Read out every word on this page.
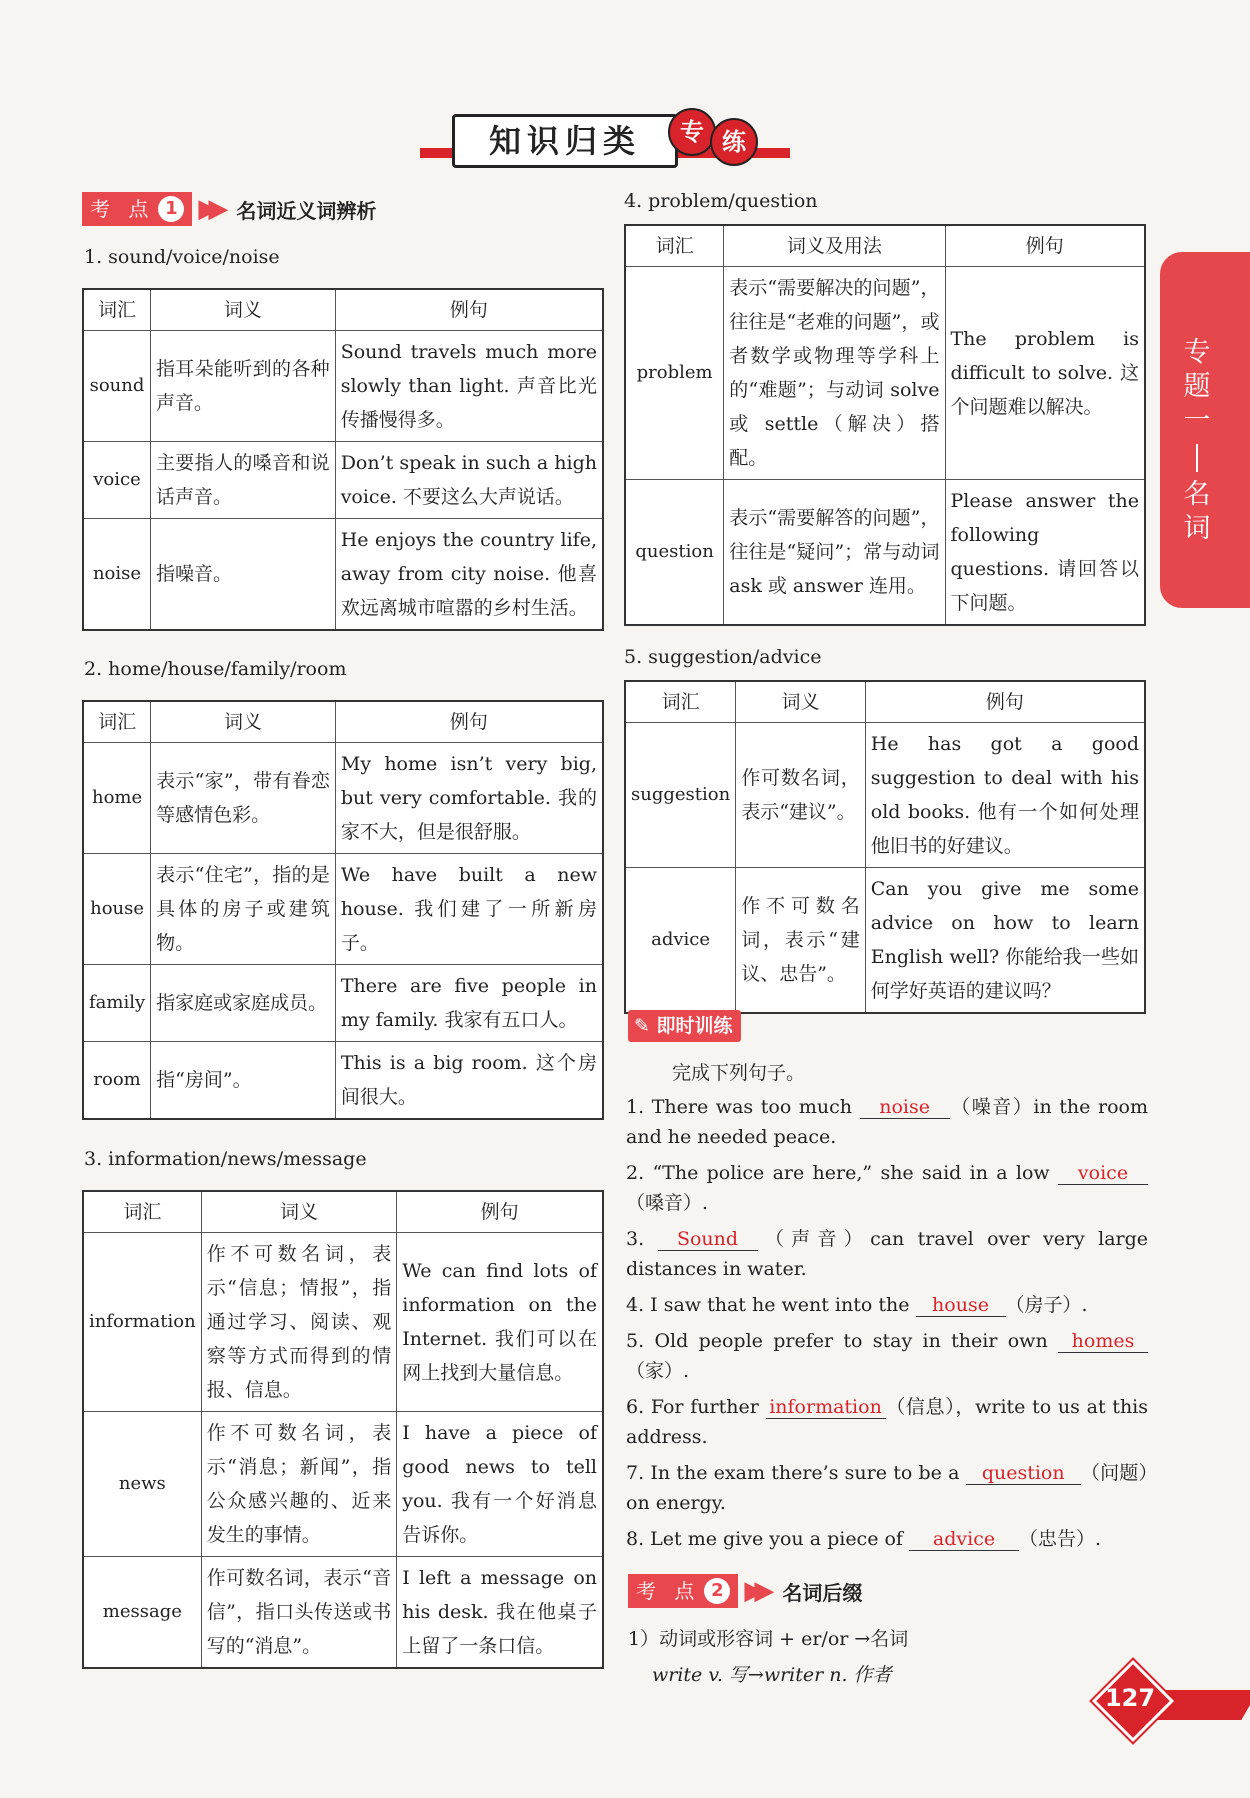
知识归类	专 练
考 点 1 ▶▶ 名词近义词辨析
1. sound/voice/noise
词汇	词义	例句
sound	指耳朵能听到的各种声音。	Sound travels much more slowly than light. 声音比光传播慢得多。
voice	主要指人的嗓音和说话声音。	Don’t speak in such a high voice. 不要这么大声说话。
noise	指噪音。	He enjoys the country life, away from city noise. 他喜欢远离城市喧嚣的乡村生活。
2. home/house/family/room
词汇	词义	例句
home	表示“家”，带有眷恋等感情色彩。	My home isn’t very big, but very comfortable. 我的家不大，但是很舒服。
house	表示“住宅”，指的是具体的房子或建筑物。	We have built a new house. 我们建了一所新房子。
family	指家庭或家庭成员。	There are five people in my family. 我家有五口人。
room	指“房间”。	This is a big room. 这个房间很大。
3. information/news/message
词汇	词义	例句
information	作不可数名词，表示“信息；情报”，指通过学习、阅读、观察等方式而得到的情报、信息。	We can find lots of information on the Internet. 我们可以在网上找到大量信息。
news	作不可数名词，表示“消息；新闻”，指公众感兴趣的、近来发生的事情。	I have a piece of good news to tell you. 我有一个好消息告诉你。
message	作可数名词，表示“音信”，指口头传送或书写的“消息”。	I left a message on his desk. 我在他桌子上留了一条口信。
4. problem/question
词汇	词义及用法	例句
problem	表示“需要解决的问题”，往往是“老难的问题”，或者数学或物理等学科上的“难题”；与动词 solve 或 settle（解决）搭配。	The problem is difficult to solve. 这个问题难以解决。
question	表示“需要解答的问题”，往往是“疑问”；常与动词 ask 或 answer 连用。	Please answer the following questions. 请回答以下问题。
5. suggestion/advice
词汇	词义	例句
suggestion	作可数名词，表示“建议”。	He has got a good suggestion to deal with his old books. 他有一个如何处理他旧书的好建议。
advice	作不可数名词，表示“建议、忠告”。	Can you give me some advice on how to learn English well? 你能给我一些如何学好英语的建议吗？
✎ 即时训练
完成下列句子。
1. There was too much noise （噪音）in the room and he needed peace.
2. “The police are here,” she said in a low voice（嗓音）.
3. Sound （声音）can travel over very large distances in water.
4. I saw that he went into the house （房子）.
5. Old people prefer to stay in their own homes（家）.
6. For further information （信息），write to us at this address.
7. In the exam there’s sure to be a question （问题）on energy.
8. Let me give you a piece of advice （忠告）.
考 点 2 ▶▶ 名词后缀
1）动词或形容词 + er/or →名词
write v. 写→writer n. 作者
专题一
名词
127
